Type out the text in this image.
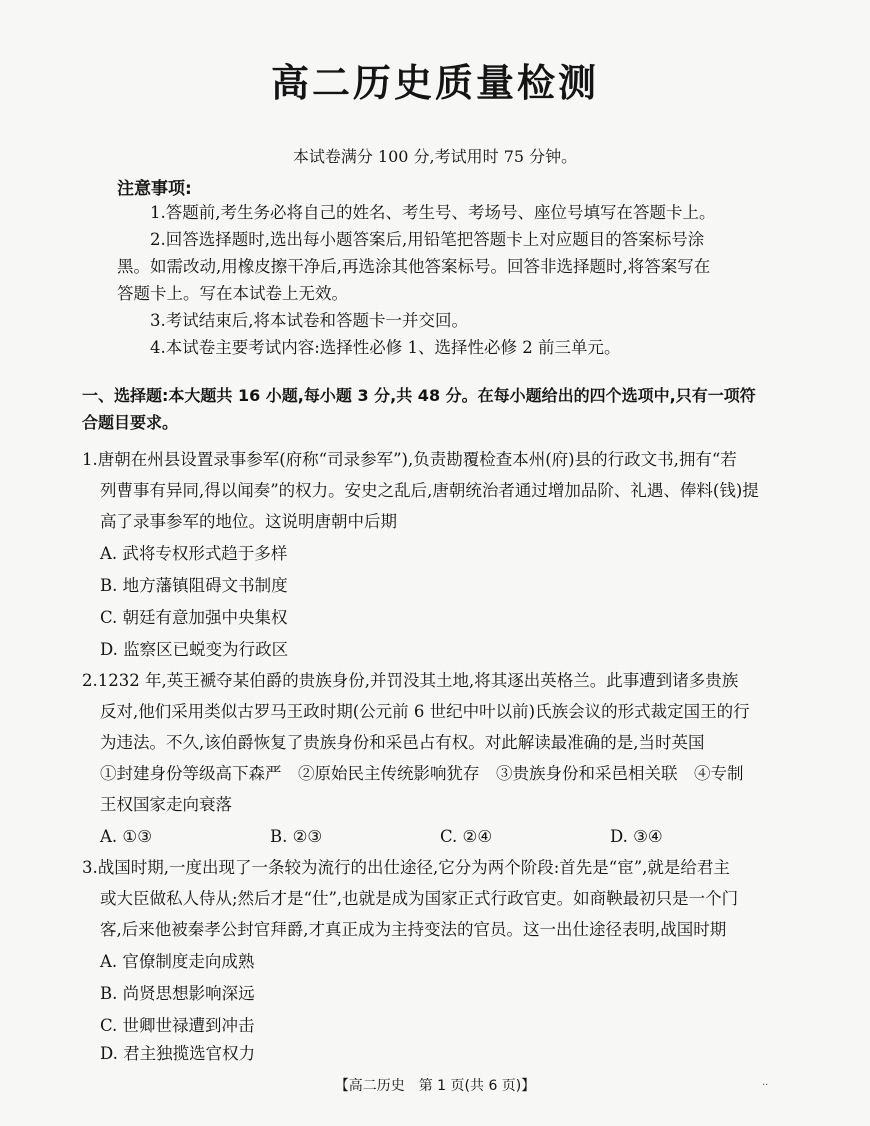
高二历史质量检测
本试卷满分 100 分,考试用时 75 分钟。
注意事项:
1.答题前,考生务必将自己的姓名、考生号、考场号、座位号填写在答题卡上。
2.回答选择题时,选出每小题答案后,用铅笔把答题卡上对应题目的答案标号涂
黑。如需改动,用橡皮擦干净后,再选涂其他答案标号。回答非选择题时,将答案写在
答题卡上。写在本试卷上无效。
3.考试结束后,将本试卷和答题卡一并交回。
4.本试卷主要考试内容:选择性必修 1、选择性必修 2 前三单元。
一、选择题:本大题共 16 小题,每小题 3 分,共 48 分。在每小题给出的四个选项中,只有一项符
合题目要求。
1.唐朝在州县设置录事参军(府称“司录参军”),负责勘覆检查本州(府)县的行政文书,拥有“若
列曹事有异同,得以闻奏”的权力。安史之乱后,唐朝统治者通过增加品阶、礼遇、俸料(钱)提
高了录事参军的地位。这说明唐朝中后期
A. 武将专权形式趋于多样
B. 地方藩镇阻碍文书制度
C. 朝廷有意加强中央集权
D. 监察区已蜕变为行政区
2.1232 年,英王褫夺某伯爵的贵族身份,并罚没其土地,将其逐出英格兰。此事遭到诸多贵族
反对,他们采用类似古罗马王政时期(公元前 6 世纪中叶以前)氏族会议的形式裁定国王的行
为违法。不久,该伯爵恢复了贵族身份和采邑占有权。对此解读最准确的是,当时英国
①封建身份等级高下森严　②原始民主传统影响犹存　③贵族身份和采邑相关联　④专制
王权国家走向衰落
A. ①③	B. ②③	C. ②④	D. ③④
3.战国时期,一度出现了一条较为流行的出仕途径,它分为两个阶段:首先是“宦”,就是给君主
或大臣做私人侍从;然后才是“仕”,也就是成为国家正式行政官吏。如商鞅最初只是一个门
客,后来他被秦孝公封官拜爵,才真正成为主持变法的官员。这一出仕途径表明,战国时期
A. 官僚制度走向成熟
B. 尚贤思想影响深远
C. 世卿世禄遭到冲击
D. 君主独揽选官权力
【高二历史　第 1 页(共 6 页)】	··
